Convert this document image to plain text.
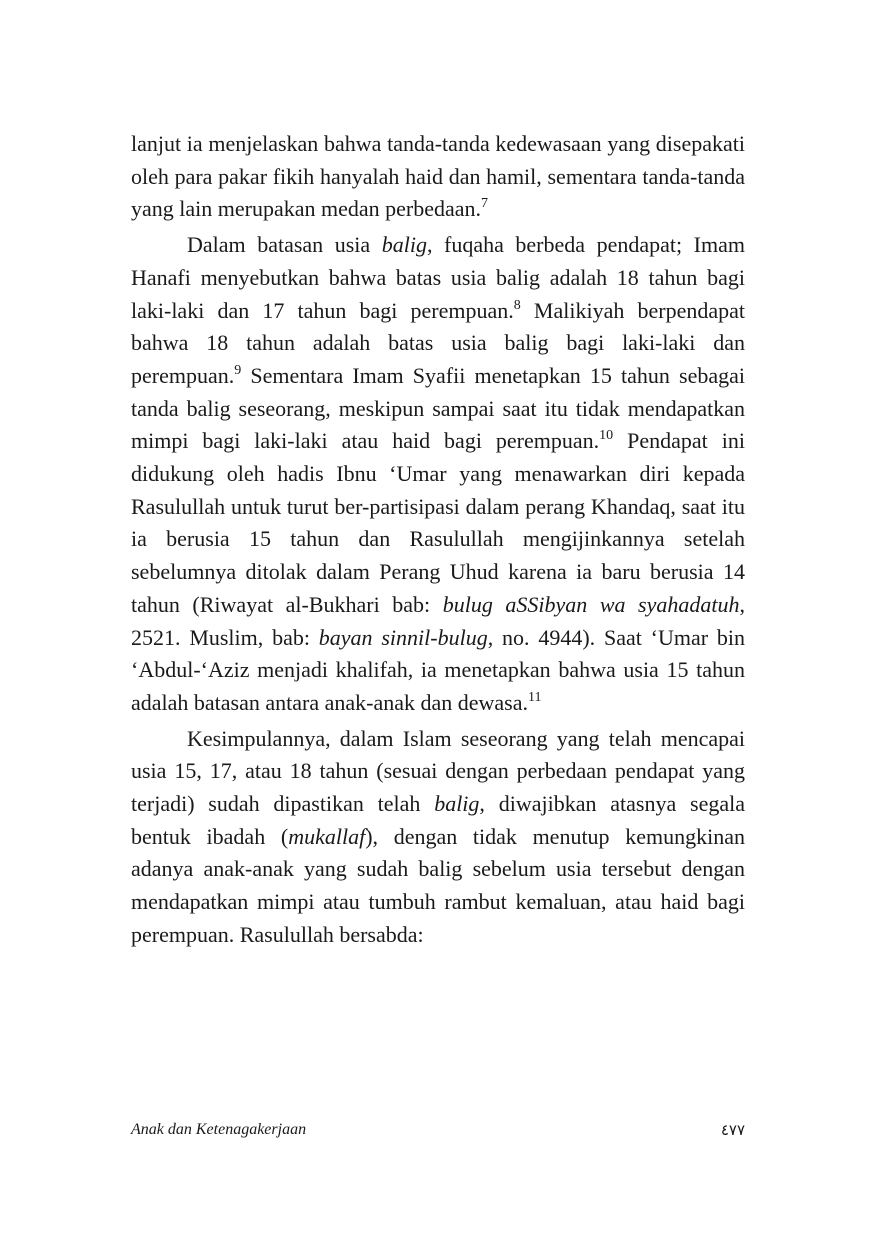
lanjut ia menjelaskan bahwa tanda-tanda kedewasaan yang disepakati oleh para pakar fikih hanyalah haid dan hamil, sementara tanda-tanda yang lain merupakan medan perbedaan.$^7$

Dalam batasan usia balig, fuqaha berbeda pendapat; Imam Hanafi menyebutkan bahwa batas usia balig adalah 18 tahun bagi laki-laki dan 17 tahun bagi perempuan.$^8$ Malikiyah berpendapat bahwa 18 tahun adalah batas usia balig bagi laki-laki dan perempuan.$^9$ Sementara Imam Syafii menetapkan 15 tahun sebagai tanda balig seseorang, meskipun sampai saat itu tidak mendapatkan mimpi bagi laki-laki atau haid bagi perempuan.$^{10}$ Pendapat ini didukung oleh hadis Ibnu ‘Umar yang menawarkan diri kepada Rasulullah untuk turut ber-partisipasi dalam perang Khandaq, saat itu ia berusia 15 tahun dan Rasulullah mengijinkannya setelah sebelumnya ditolak dalam Perang Uhud karena ia baru berusia 14 tahun (Riwayat al-Bukhari bab: bulug aSSibyan wa syahadatuh, 2521. Muslim, bab: bayan sinnil-bulug, no. 4944). Saat ‘Umar bin ‘Abdul-‘Aziz menjadi khalifah, ia menetapkan bahwa usia 15 tahun adalah batasan antara anak-anak dan dewasa.$^{11}$

Kesimpulannya, dalam Islam seseorang yang telah mencapai usia 15, 17, atau 18 tahun (sesuai dengan perbedaan pendapat yang terjadi) sudah dipastikan telah balig, diwajibkan atasnya segala bentuk ibadah (mukallaf), dengan tidak menutup kemungkinan adanya anak-anak yang sudah balig sebelum usia tersebut dengan mendapatkan mimpi atau tumbuh rambut kemaluan, atau haid bagi perempuan. Rasulullah bersabda:

Anak dan Ketenagakerjaan	٤٧٧
